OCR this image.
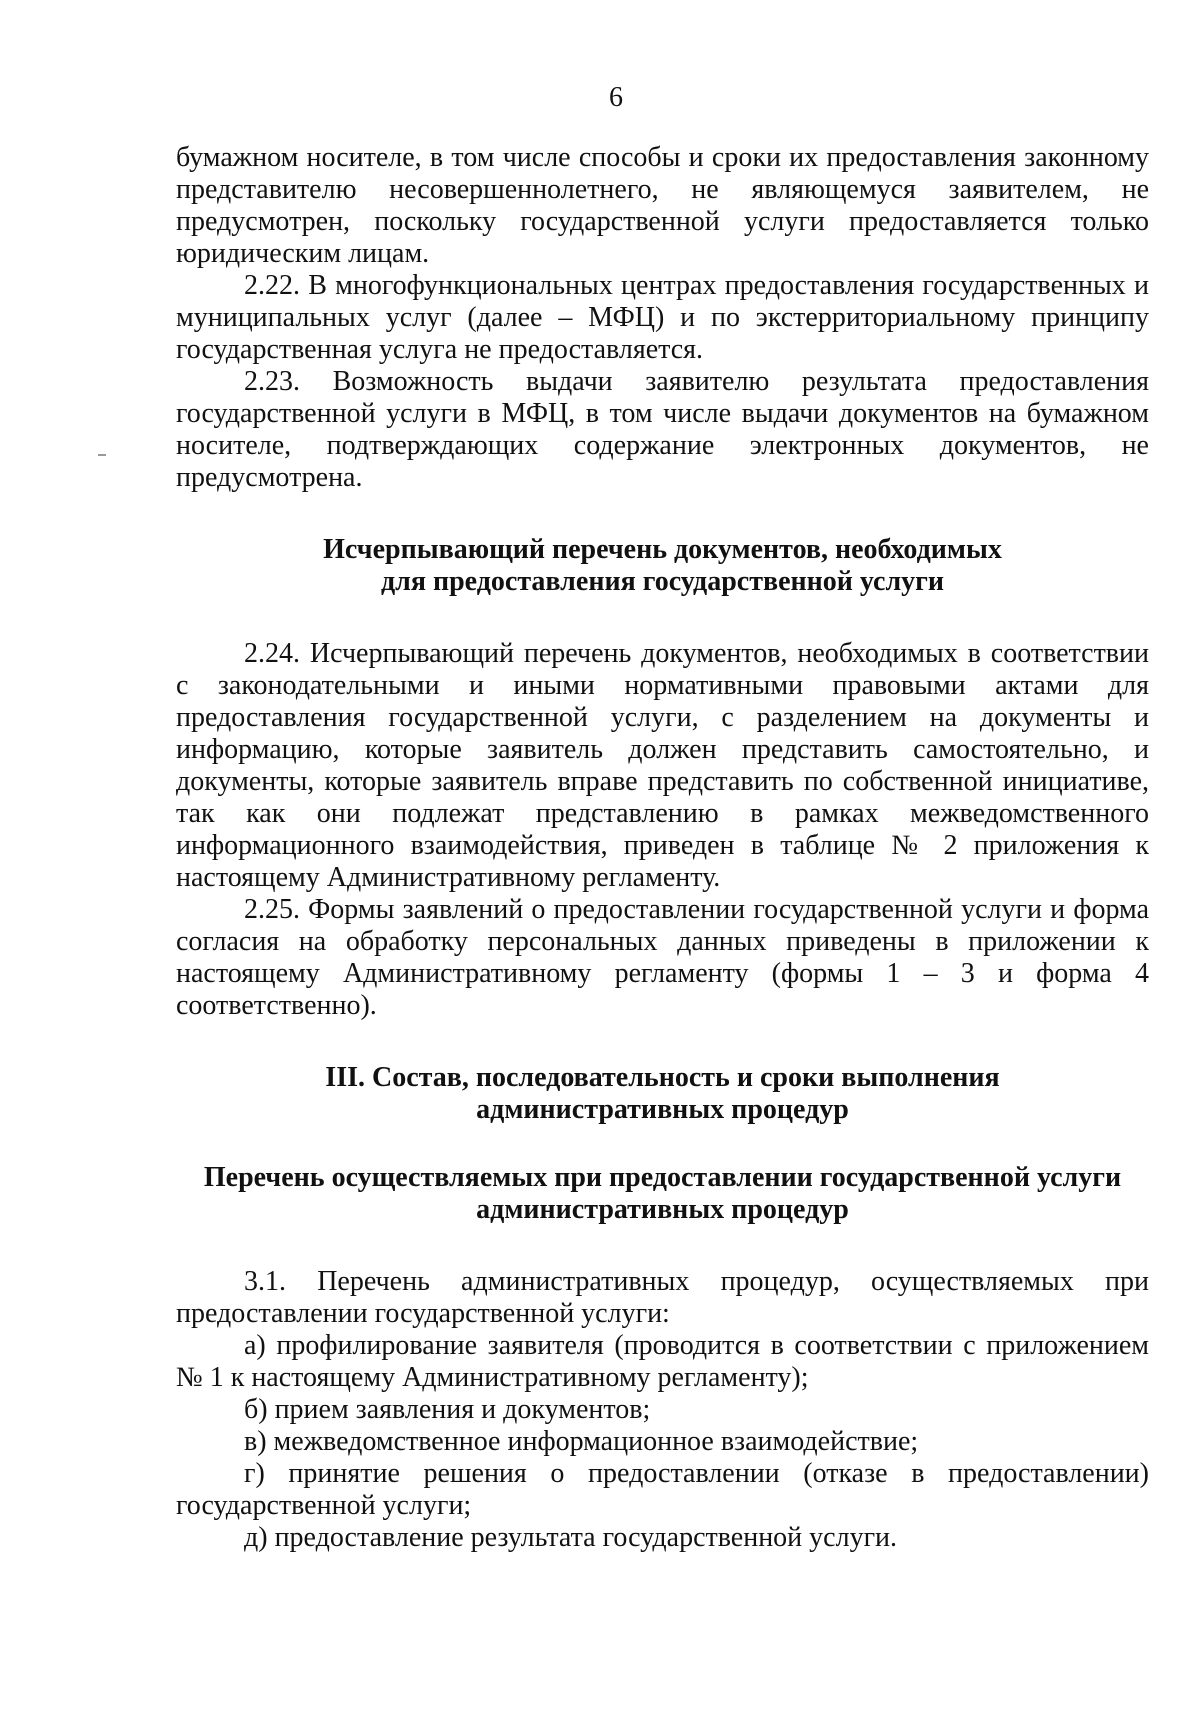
6

бумажном носителе, в том числе способы и сроки их предоставления законному представителю несовершеннолетнего, не являющемуся заявителем, не предусмотрен, поскольку государственной услуги предоставляется только юридическим лицам.

2.22. В многофункциональных центрах предоставления государственных и муниципальных услуг (далее – МФЦ) и по экстерриториальному принципу государственная услуга не предоставляется.

2.23. Возможность выдачи заявителю результата предоставления государственной услуги в МФЦ, в том числе выдачи документов на бумажном носителе, подтверждающих содержание электронных документов, не предусмотрена.

Исчерпывающий перечень документов, необходимых
для предоставления государственной услуги

2.24. Исчерпывающий перечень документов, необходимых в соответствии с законодательными и иными нормативными правовыми актами для предоставления государственной услуги, с разделением на документы и информацию, которые заявитель должен представить самостоятельно, и документы, которые заявитель вправе представить по собственной инициативе, так как они подлежат представлению в рамках межведомственного информационного взаимодействия, приведен в таблице № 2 приложения к настоящему Административному регламенту.

2.25. Формы заявлений о предоставлении государственной услуги и форма согласия на обработку персональных данных приведены в приложении к настоящему Административному регламенту (формы 1 – 3 и форма 4 соответственно).

III. Состав, последовательность и сроки выполнения
административных процедур
Перечень осуществляемых при предоставлении государственной услуги
административных процедур

3.1. Перечень административных процедур, осуществляемых при предоставлении государственной услуги:

а) профилирование заявителя (проводится в соответствии с приложением № 1 к настоящему Административному регламенту);

б) прием заявления и документов;

в) межведомственное информационное взаимодействие;

г) принятие решения о предоставлении (отказе в предоставлении) государственной услуги;

д) предоставление результата государственной услуги.
